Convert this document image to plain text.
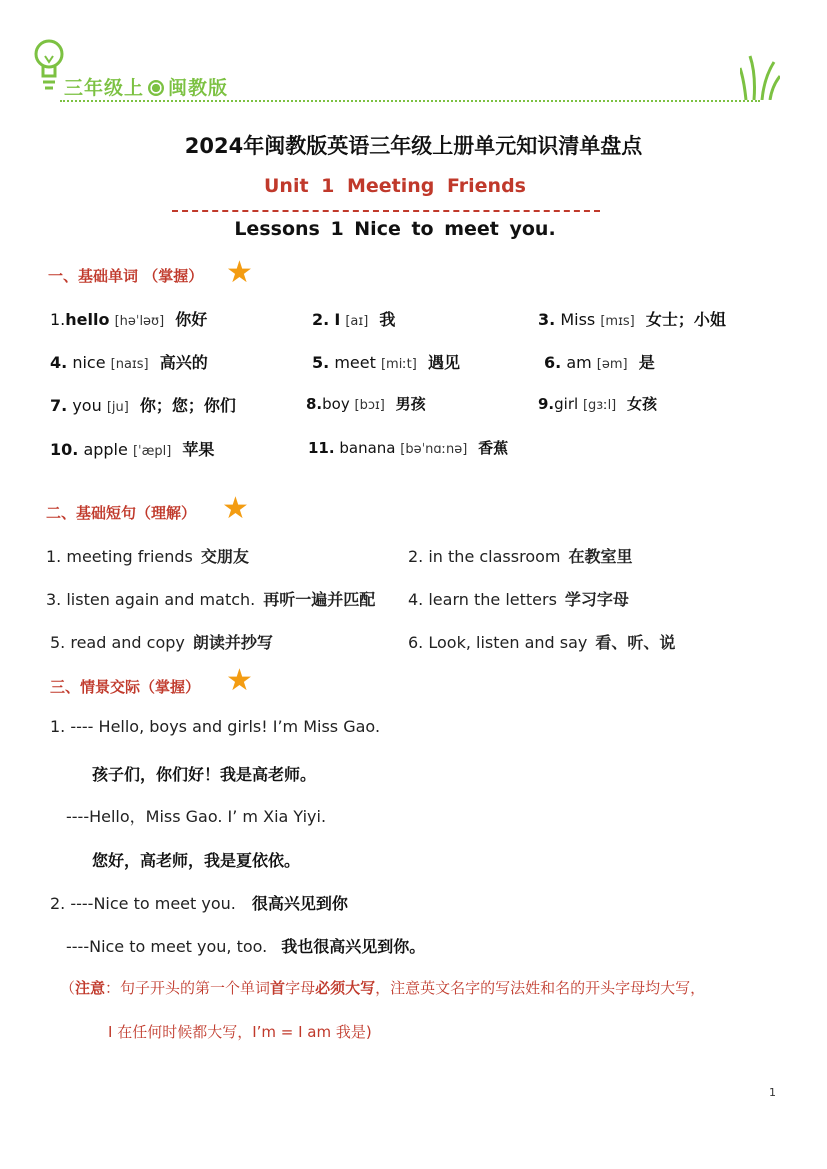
三年级上 闽教版
2024年闽教版英语三年级上册单元知识清单盘点
Unit 1 Meeting Friends
Lessons 1 Nice to meet you.
一、基础单词 （掌握） ★
1.hello [həˈləʊ] 你好	2. I [aɪ] 我	3. Miss [mɪs] 女士；小姐
4. nice [naɪs] 高兴的	5. meet [miːt] 遇见	6. am [əm] 是
7. you [ju] 你；您；你们	8.boy [bɔɪ] 男孩	9.girl [gɜːl] 女孩
10. apple [ˈæpl] 苹果	11. banana [bəˈnɑːnə] 香蕉
二、基础短句（理解） ★
1. meeting friends 交朋友	2. in the classroom 在教室里
3. listen again and match. 再听一遍并匹配 4. learn the letters 学习字母
5. read and copy 朗读并抄写	6. Look, listen and say 看、听、说
三、情景交际（掌握） ★
1. ---- Hello, boys and girls! I’m Miss Gao.
孩子们，你们好！我是高老师。
----Hello，Miss Gao. I’ m Xia Yiyi.
您好，高老师，我是夏依依。
2. ----Nice to meet you. 很高兴见到你
----Nice to meet you, too. 我也很高兴见到你。
（注意：句子开头的第一个单词首字母必须大写，注意英文名字的写法姓和名的开头字母均大写，
I 在任何时候都大写，I’m = I am 我是)
1
